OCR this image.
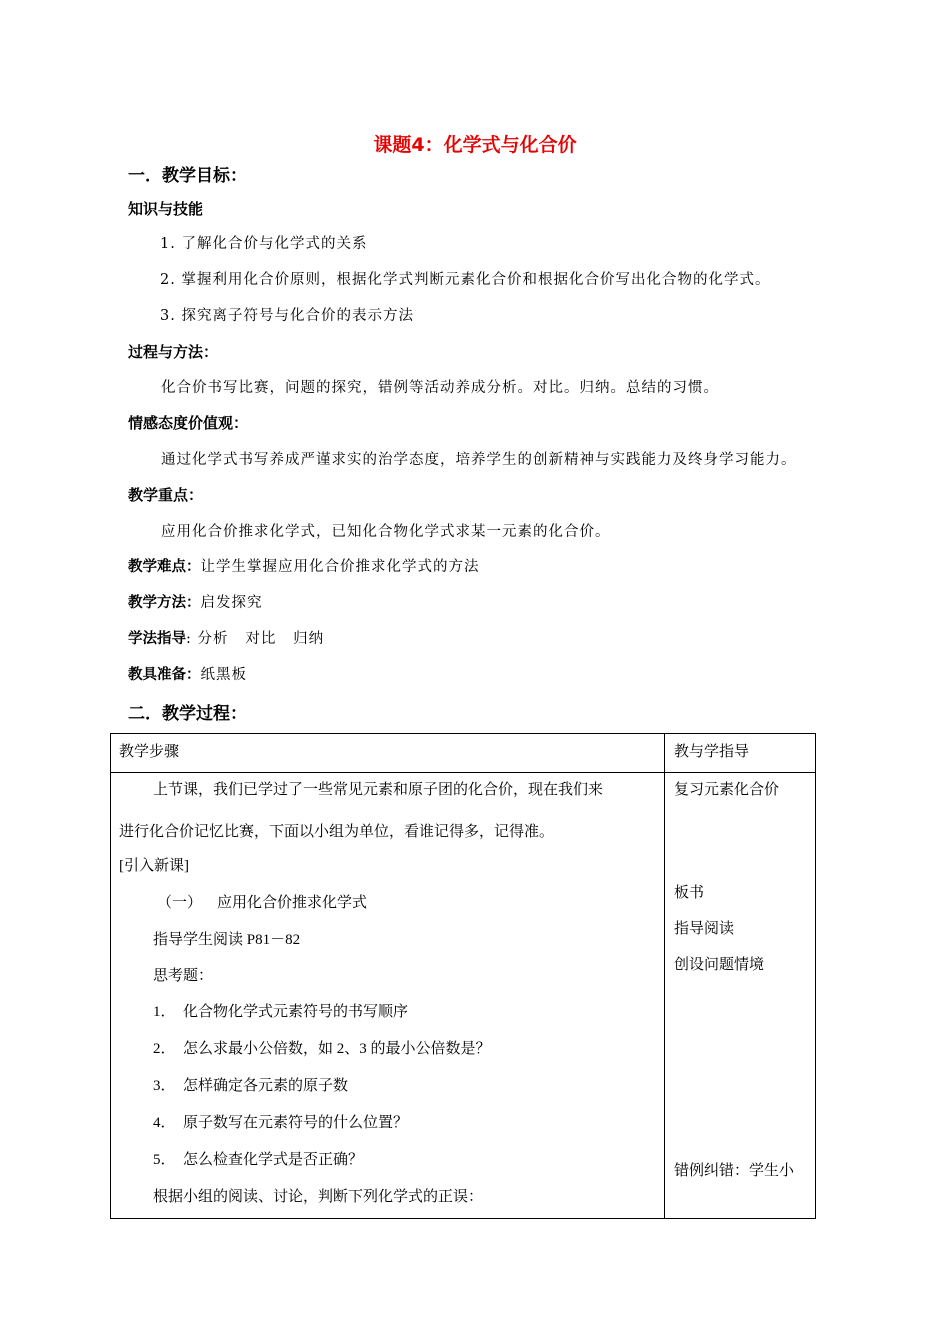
课题4：化学式与化合价
一．教学目标：
知识与技能
1. 了解化合价与化学式的关系
2. 掌握利用化合价原则，根据化学式判断元素化合价和根据化合价写出化合物的化学式。
3. 探究离子符号与化合价的表示方法
过程与方法：
化合价书写比赛，问题的探究，错例等活动养成分析。对比。归纳。总结的习惯。
情感态度价值观：
通过化学式书写养成严谨求实的治学态度，培养学生的创新精神与实践能力及终身学习能力。
教学重点：
应用化合价推求化学式，已知化合物化学式求某一元素的化合价。
教学难点：让学生掌握应用化合价推求化学式的方法
教学方法：启发探究
学法指导: 分析   对比   归纳
教具准备：纸黑板
二．教学过程：
教学步骤	教与学指导
上节课，我们已学过了一些常见元素和原子团的化合价，现在我们来
进行化合价记忆比赛，下面以小组为单位，看谁记得多，记得准。
[引入新课]
（一）    应用化合价推求化学式
指导学生阅读 P81－82
思考题：
1．  化合物化学式元素符号的书写顺序
2．  怎么求最小公倍数，如 2、3 的最小公倍数是？
3．  怎样确定各元素的原子数
4．  原子数写在元素符号的什么位置？
5．  怎么检查化学式是否正确？
根据小组的阅读、讨论，判断下列化学式的正误：
复习元素化合价
板书
指导阅读
创设问题情境
错例纠错：学生小
